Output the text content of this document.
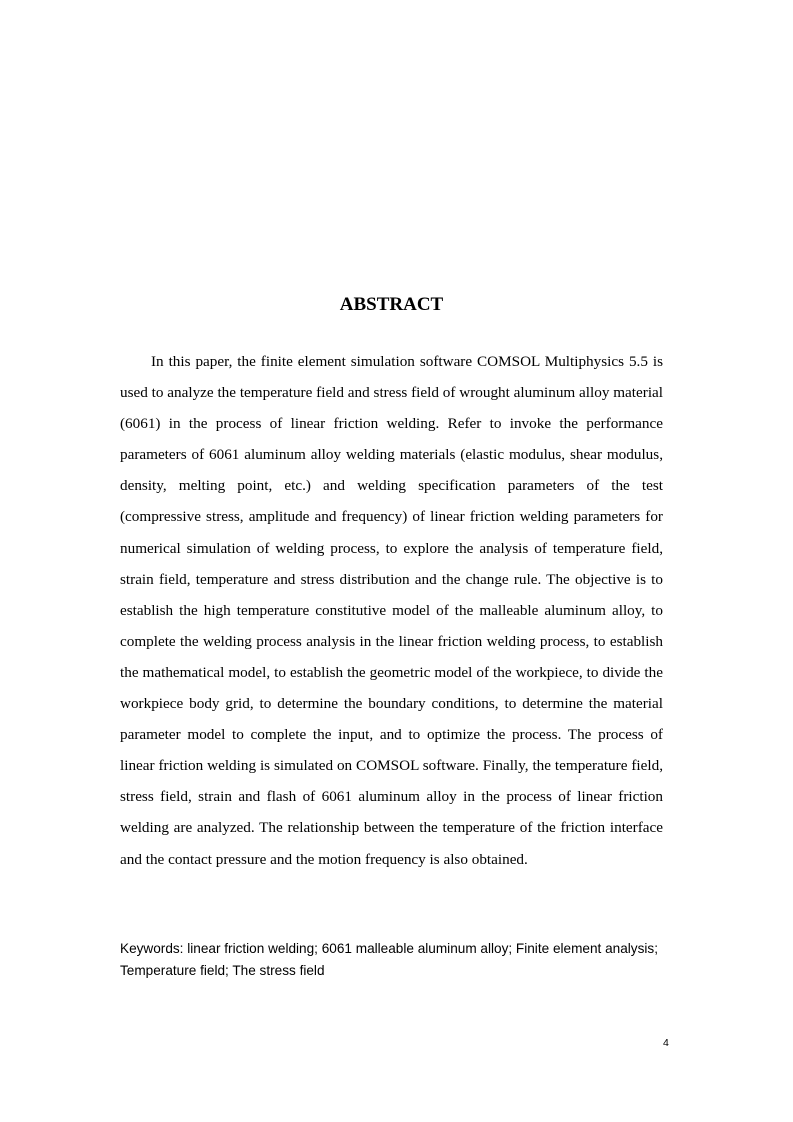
ABSTRACT

In this paper, the finite element simulation software COMSOL Multiphysics 5.5 is used to analyze the temperature field and stress field of wrought aluminum alloy material (6061) in the process of linear friction welding. Refer to invoke the performance parameters of 6061 aluminum alloy welding materials (elastic modulus, shear modulus, density, melting point, etc.) and welding specification parameters of the test (compressive stress, amplitude and frequency) of linear friction welding parameters for numerical simulation of welding process, to explore the analysis of temperature field, strain field, temperature and stress distribution and the change rule. The objective is to establish the high temperature constitutive model of the malleable aluminum alloy, to complete the welding process analysis in the linear friction welding process, to establish the mathematical model, to establish the geometric model of the workpiece, to divide the workpiece body grid, to determine the boundary conditions, to determine the material parameter model to complete the input, and to optimize the process. The process of linear friction welding is simulated on COMSOL software. Finally, the temperature field, stress field, strain and flash of 6061 aluminum alloy in the process of linear friction welding are analyzed. The relationship between the temperature of the friction interface and the contact pressure and the motion frequency is also obtained.

Keywords: linear friction welding; 6061 malleable aluminum alloy; Finite element analysis; Temperature field; The stress field

4
